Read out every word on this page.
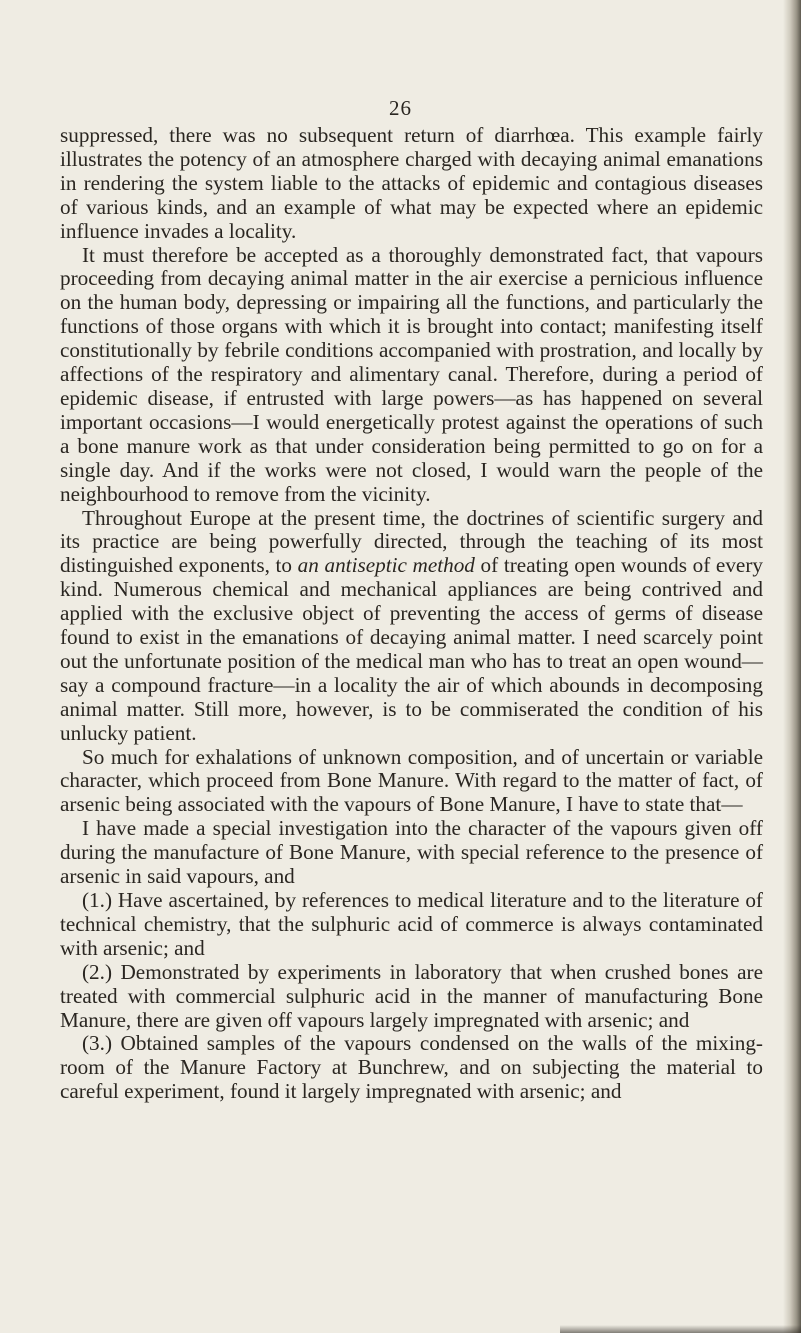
26

suppressed, there was no subsequent return of diarrhœa. This example fairly illustrates the potency of an atmosphere charged with decaying animal emanations in rendering the system liable to the attacks of epidemic and contagious diseases of various kinds, and an example of what may be expected where an epidemic influence invades a locality.

It must therefore be accepted as a thoroughly demonstrated fact, that vapours proceeding from decaying animal matter in the air exercise a pernicious influence on the human body, depressing or impairing all the functions, and particularly the functions of those organs with which it is brought into contact; manifesting itself constitutionally by febrile conditions accompanied with prostration, and locally by affections of the respiratory and alimentary canal. Therefore, during a period of epidemic disease, if entrusted with large powers—as has happened on several important occasions—I would energetically protest against the operations of such a bone manure work as that under consideration being permitted to go on for a single day. And if the works were not closed, I would warn the people of the neighbourhood to remove from the vicinity.

Throughout Europe at the present time, the doctrines of scientific surgery and its practice are being powerfully directed, through the teaching of its most distinguished exponents, to an antiseptic method of treating open wounds of every kind. Numerous chemical and mechanical appliances are being contrived and applied with the exclusive object of preventing the access of germs of disease found to exist in the emanations of decaying animal matter. I need scarcely point out the unfortunate position of the medical man who has to treat an open wound—say a compound fracture—in a locality the air of which abounds in decomposing animal matter. Still more, however, is to be commiserated the condition of his unlucky patient.

So much for exhalations of unknown composition, and of uncertain or variable character, which proceed from Bone Manure. With regard to the matter of fact, of arsenic being associated with the vapours of Bone Manure, I have to state that—

I have made a special investigation into the character of the vapours given off during the manufacture of Bone Manure, with special reference to the presence of arsenic in said vapours, and

(1.) Have ascertained, by references to medical literature and to the literature of technical chemistry, that the sulphuric acid of commerce is always contaminated with arsenic; and

(2.) Demonstrated by experiments in laboratory that when crushed bones are treated with commercial sulphuric acid in the manner of manufacturing Bone Manure, there are given off vapours largely impregnated with arsenic; and

(3.) Obtained samples of the vapours condensed on the walls of the mixing-room of the Manure Factory at Bunchrew, and on subjecting the material to careful experiment, found it largely impregnated with arsenic; and
